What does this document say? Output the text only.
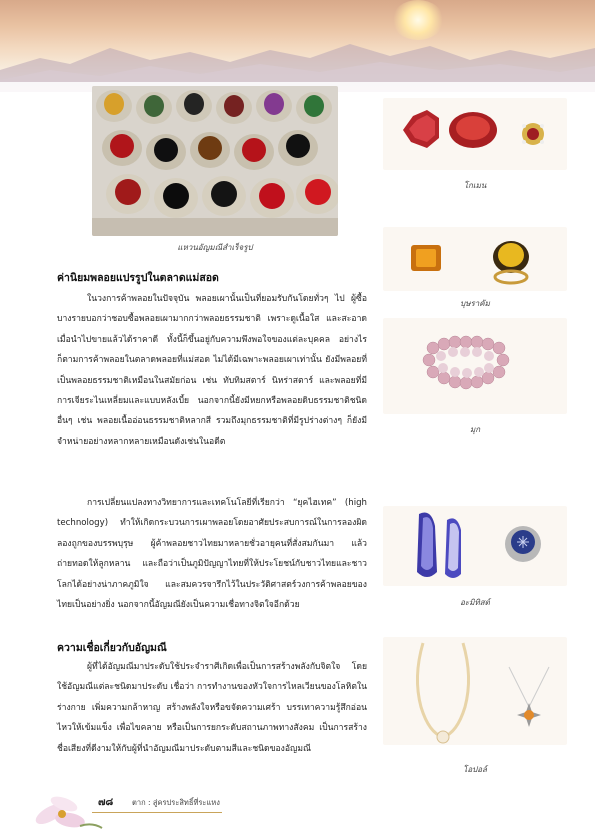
แหวนอัญมณีสำเร็จรูป
ค่านิยมพลอยแปรรูปในตลาดแม่สอด
ในวงการค้าพลอยในปัจจุบัน พลอยเผานั้นเป็นที่ยอมรับกันโดยทั่วๆ ไป ผู้ซื้อบางรายบอกว่าชอบซื้อพลอยเผามากกว่าพลอยธรรมชาติ เพราะดูเนื้อใส และสะอาด เมื่อนำไปขายแล้วได้ราคาดี ทั้งนี้ก็ขึ้นอยู่กับความพึงพอใจของแต่ละบุคคล อย่างไรก็ตามการค้าพลอยในตลาดพลอยที่แม่สอด ไม่ได้มีเฉพาะพลอยเผาเท่านั้น ยังมีพลอยที่เป็นพลอยธรรมชาติเหมือนในสมัยก่อน เช่น ทับทิมสตาร์ นิหร่าสตาร์ และพลอยที่มีการเจียระไนเหลี่ยมและแบบหลังเบี้ย นอกจากนี้ยังมีหยกหรือพลอยดิบธรรมชาติชนิดอื่นๆ เช่น พลอยเนื้ออ่อนธรรมชาติหลากสี รวมถึงมุกธรรมชาติที่มีรูปร่างต่างๆ ก็ยังมีจำหน่ายอย่างหลากหลายเหมือนดังเช่นในอดีต
การเปลี่ยนแปลงทางวิทยาการและเทคโนโลยีที่เรียกว่า “ยุคไฮเทค” (high technology) ทำให้เกิดกระบวนการเผาพลอยโดยอาศัยประสบการณ์ในการลองผิดลองถูกของบรรพบุรุษ ผู้ค้าพลอยชาวไทยมาหลายชั่วอายุคนที่สั่งสมกันมา แล้วถ่ายทอดให้ลูกหลาน และถือว่าเป็นภูมิปัญญาไทยที่ให้ประโยชน์กับชาวไทยและชาวโลกได้อย่างน่าภาคภูมิใจ และสมควรจารึกไว้ในประวัติศาสตร์วงการค้าพลอยของไทยเป็นอย่างยิ่ง นอกจากนี้อัญมณียังเป็นความเชื่อทางจิตใจอีกด้วย
ความเชื่อเกี่ยวกับอัญมณี
ผู้ที่ได้อัญมณีมาประดับใช้ประจำราศีเกิดเพื่อเป็นการสร้างพลังกับจิตใจ โดยใช้อัญมณีแต่ละชนิดมาประดับ เชื่อว่า การทำงานของหัวใจการไหลเวียนของโลหิตในร่างกาย เพิ่มความกล้าหาญ สร้างพลังใจหรือขจัดความเศร้า บรรเทาความรู้สึกอ่อนไหวให้เข้มแข็ง เพื่อไขคลาย หรือเป็นการยกระดับสถานภาพทางสังคม เป็นการสร้างชื่อเสียงที่ดีงามให้กับผู้ที่นำอัญมณีมาประดับตามสีและชนิดของอัญมณี
โกเมน
บุษราคัม
มุก
อะมิทิสต์
โอปอล์
๗๘	ตาก : สู่ครประสิทธิ์ที่ระแหง
